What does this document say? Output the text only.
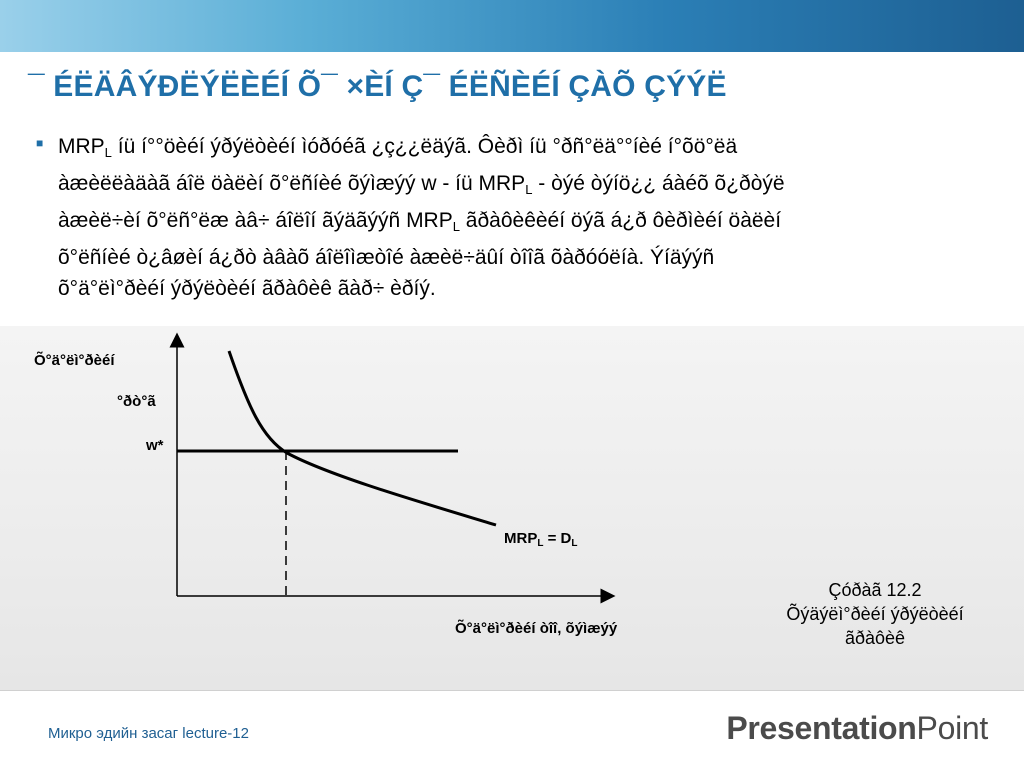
¯ ÉËÄÂÝÐËÝËÈÉÍ Õ¯ ×ÈÍ Ç¯ ÉËÑÈÉÍ ÇÀÕ ÇÝÝË
■ $MRP_L$ íü í°°öèéí ýðýëòèéí ìóðóéã ¿ç¿¿ëäýã. Ôèðì íü °ðñ°ëä°°íèé í°õö°ëä
àæèëëàäàã áîë öàëèí õ°ëñíèé õýìæýý w - íü $MRP_L$ - òýé òýíö¿¿ áàéõ õ¿ðòýë
àæèë÷èí õ°ëñ°ëæ àâ÷ áîëîí ãýäãýýñ $MRP_L$ ãðàôèêèéí öýã á¿ð ôèðìèéí öàëèí
õ°ëñíèé ò¿âøèí á¿ðò àâàõ áîëîìæòîé àæèë÷äûí òîîã õàðóóëíà. Ýíäýýñ
õ°ä°ëì°ðèéí ýðýëòèéí ãðàôèê ãàð÷ èðíý.
Õ°ä°ëì°ðèéí
°ðò°ã
w*
$MRP_L = D_L$
Õ°ä°ëì°ðèéí òîî, õýìæýý
Çóðàã 12.2
Õýäýëì°ðèéí ýðýëòèéí
ãðàôèê
Микро эдийн засаг lecture-12	PresentationPoint
